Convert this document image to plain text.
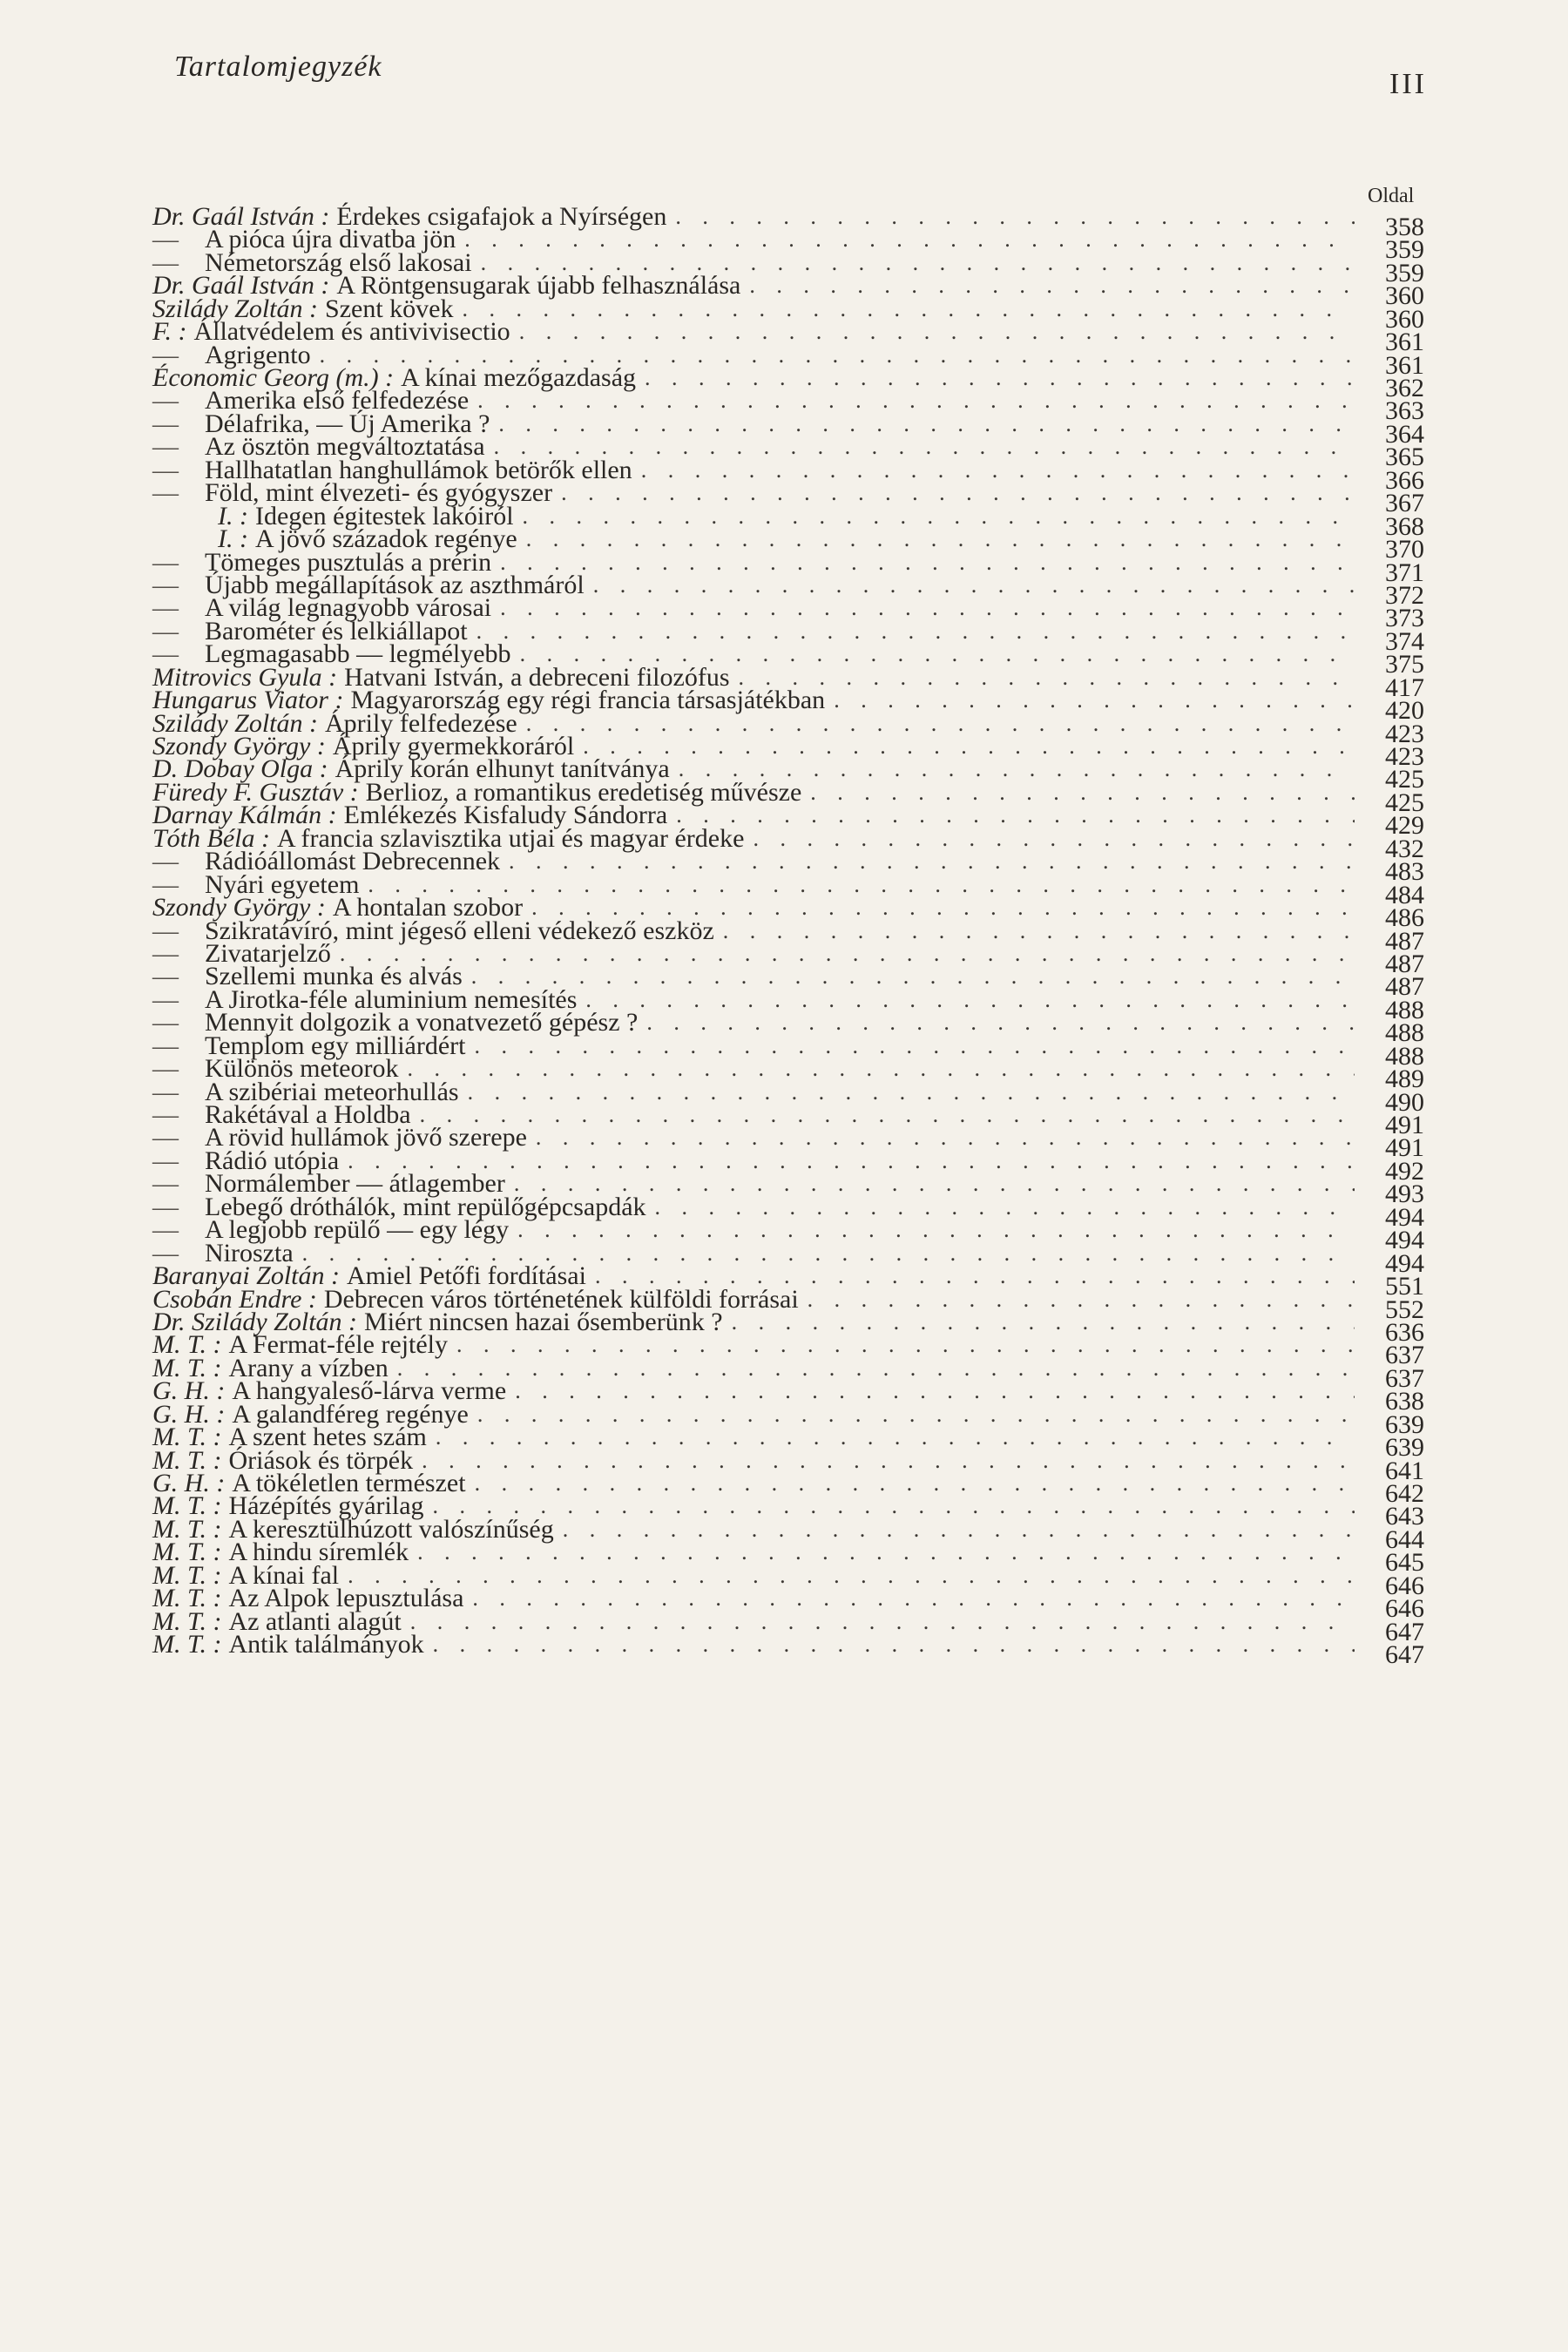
Tartalomjegyzék
III
Oldal
Dr. Gaál István : Érdekes csigafajok a Nyírségen . . .	358
—	A pióca újra divatba jön . . .	359
—	Németország első lakosai . . .	359
Dr. Gaál István : A Röntgensugarak újabb felhasználása . . .	360
Szilády Zoltán : Szent kövek . . .	360
F. : Állatvédelem és antivivisectio . . .	361
—	Agrigento . . .	361
Économic Georg (m.) : A kínai mezőgazdaság . . .	362
—	Amerika első felfedezése . . .	363
—	Délafrika, — Új Amerika ? . . .	364
—	Az ösztön megváltoztatása . . .	365
—	Hallhatatlan hanghullámok betörők ellen . . .	366
—	Föld, mint élvezeti- és gyógyszer . . .	367
I. : Idegen égitestek lakóiról . . .	368
I. : A jövő századok regénye . . .	370
—	Tömeges pusztulás a prérin . . .	371
—	Újabb megállapítások az aszthmáról . . .	372
—	A világ legnagyobb városai . . .	373
—	Barométer és lelkiállapot . . .	374
—	Legmagasabb — legmélyebb . . .	375
Mitrovics Gyula : Hatvani István, a debreceni filozófus . . .	417
Hungarus Viator : Magyarország egy régi francia társasjátékban . . .	420
Szilády Zoltán : Áprily felfedezése . . .	423
Szondy György : Áprily gyermekkoráról . . .	423
D. Dobay Olga : Áprily korán elhunyt tanítványa . . .	425
Füredy F. Gusztáv : Berlioz, a romantikus eredetiség művésze . . .	425
Darnay Kálmán : Emlékezés Kisfaludy Sándorra . . .	429
Tóth Béla : A francia szlavisztika utjai és magyar érdeke . . .	432
—	Rádióállomást Debrecennek . . .	483
—	Nyári egyetem . . .	484
Szondy György : A hontalan szobor . . .	486
—	Szikratávíró, mint jégeső elleni védekező eszköz . . .	487
—	Zivatarjelző . . .	487
—	Szellemi munka és alvás . . .	487
—	A Jirotka-féle aluminium nemesítés . . .	488
—	Mennyit dolgozik a vonatvezető gépész ? . . .	488
—	Templom egy milliárdért . . .	488
—	Különös meteorok . . .	489
—	A szibériai meteorhullás . . .	490
—	Rakétával a Holdba . . .	491
—	A rövid hullámok jövő szerepe . . .	491
—	Rádió utópia . . .	492
—	Normálember — átlagember . . .	493
—	Lebegő dróthálók, mint repülőgépcsapdák . . .	494
—	A legjobb repülő — egy légy . . .	494
—	Niroszta . . .	494
Baranyai Zoltán : Amiel Petőfi fordításai . . .	551
Csobán Endre : Debrecen város történetének külföldi forrásai . . .	552
Dr. Szilády Zoltán : Miért nincsen hazai ősemberünk ? . . .	636
M. T. : A Fermat-féle rejtély . . .	637
M. T. : Arany a vízben . . .	637
G. H. : A hangyaleső-lárva verme . . .	638
G. H. : A galandféreg regénye . . .	639
M. T. : A szent hetes szám . . .	639
M. T. : Óriások és törpék . . .	641
G. H. : A tökéletlen természet . . .	642
M. T. : Házépítés gyárilag . . .	643
M. T. : A keresztülhúzott valószínűség . . .	644
M. T. : A hindu síremlék . . .	645
M. T. : A kínai fal . . .	646
M. T. : Az Alpok lepusztulása . . .	646
M. T. : Az atlanti alagút . . .	647
M. T. : Antik találmányok . . .	647
